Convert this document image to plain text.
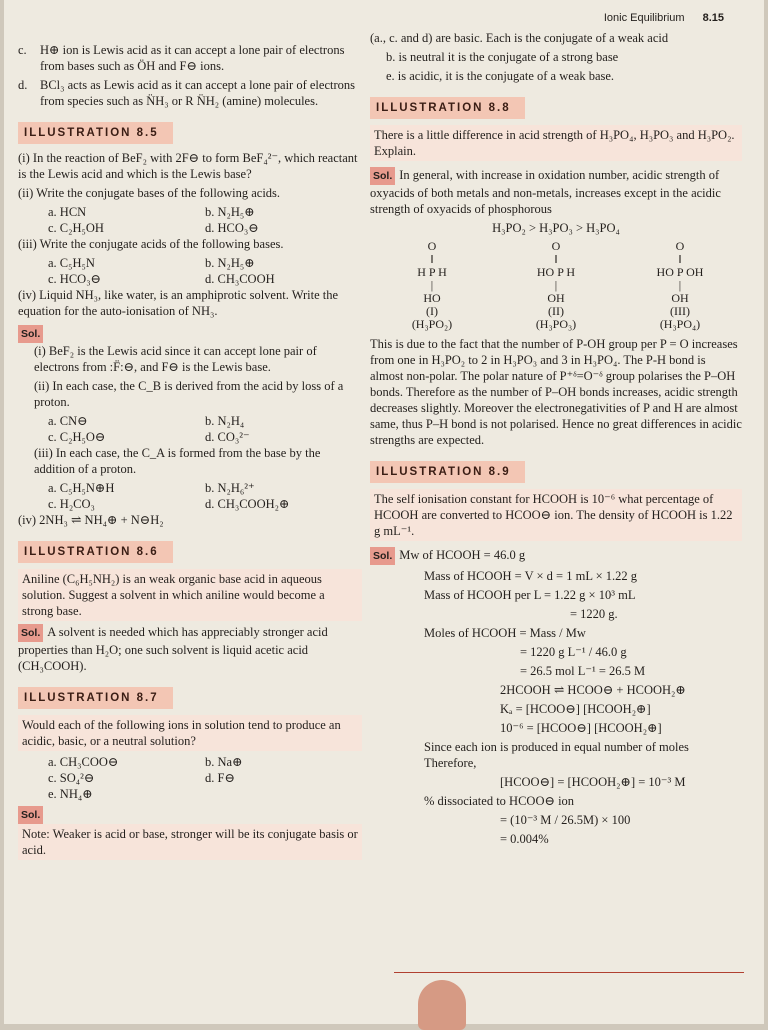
Ionic Equilibrium 8.15
c.	H⊕ ion is Lewis acid as it can accept a lone pair of electrons from bases such as ÖH and F⊖ ions.
d.	BCl₃ acts as Lewis acid as it can accept a lone pair of electrons from species such as N̈H₃ or R N̈H₂ (amine) molecules.
ILLUSTRATION 8.5

(i) In the reaction of BeF₂ with 2F⊖ to form BeF₄²⁻, which reactant is the Lewis acid and which is the Lewis base?

(ii) Write the conjugate bases of the following acids.

a. HCN	b. N₂H₅⊕
c. C₂H₅OH	d. HCO₃⊖

(iii) Write the conjugate acids of the following bases.

a. C₅H₅N	b. N₂H₅⊕
c. HCO₃⊖	d. CH₃COOH

(iv) Liquid NH₃, like water, is an amphiprotic solvent. Write the equation for the auto-ionisation of NH₃.

Sol.

(i) BeF₂ is the Lewis acid since it can accept lone pair of electrons from :F̈:⊖, and F⊖ is the Lewis base.

(ii) In each case, the C_B is derived from the acid by loss of a proton.

a. CN⊖	b. N₂H₄
c. C₂H₅O⊖	d. CO₃²⁻

(iii) In each case, the C_A is formed from the base by the addition of a proton.

a. C₅H₅N⊕H	b. N₂H₆²⁺
c. H₂CO₃	d. CH₃COOH₂⊕

(iv) 2NH₃ ⇌ NH₄⊕ + N⊖H₂

ILLUSTRATION 8.6

Aniline (C₆H₅NH₂) is an weak organic base acid in aqueous solution. Suggest a solvent in which aniline would become a strong base.

Sol. A solvent is needed which has appreciably stronger acid properties than H₂O; one such solvent is liquid acetic acid (CH₃COOH).

ILLUSTRATION 8.7

Would each of the following ions in solution tend to produce an acidic, basic, or a neutral solution?

a. CH₃COO⊖	b. Na⊕
c. SO₄²⊖	d. F⊖
e. NH₄⊕
Sol.

Note: Weaker is acid or base, stronger will be its conjugate basis or acid.

(a., c. and d) are basic. Each is the conjugate of a weak acid

b. is neutral it is the conjugate of a strong base

e. is acidic, it is the conjugate of a weak base.

ILLUSTRATION 8.8

There is a little difference in acid strength of H₃PO₄, H₃PO₃ and H₃PO₂. Explain.

Sol. In general, with increase in oxidation number, acidic strength of oxyacids of both metals and non-metals, increases except in the acidic strength of oxyacids of phosphorous

H₃PO₂ > H₃PO₃ > H₃PO₄

O
‖
H P H
|
HO
(I)
(H₃PO₂)
O
‖
HO P H
|
OH
(II)
(H₃PO₃)
O
‖
HO P OH
|
OH
(III)
(H₃PO₄)

This is due to the fact that the number of P-OH group per P = O increases from one in H₃PO₂ to 2 in H₃PO₃ and 3 in H₃PO₄. The P-H bond is almost non-polar. The polar nature of P⁺ᵟ=O⁻ᵟ group polarises the P–OH bonds. Therefore as the number of P–OH bonds increases, acidic strength decreases slightly. Moreover the electronegativities of P and H are almost same, thus P–H bond is not polarised. Hence no great differences in acidic strengths are expected.

ILLUSTRATION 8.9

The self ionisation constant for HCOOH is 10⁻⁶ what percentage of HCOOH are converted to HCOO⊖ ion. The density of HCOOH is 1.22 g mL⁻¹.

Sol. Mw of HCOOH = 46.0 g

Mass of HCOOH = V × d = 1 mL × 1.22 g

Mass of HCOOH per L = 1.22 g × 10³ mL

= 1220 g.

Moles of HCOOH = Mass / Mw

= 1220 g L⁻¹ / 46.0 g

= 26.5 mol L⁻¹ = 26.5 M

2HCOOH ⇌ HCOO⊖ + HCOOH₂⊕

Kₐ = [HCOO⊖] [HCOOH₂⊕]

10⁻⁶ = [HCOO⊖] [HCOOH₂⊕]

Since each ion is produced in equal number of moles Therefore,

[HCOO⊖] = [HCOOH₂⊕] = 10⁻³ M

% dissociated to HCOO⊖ ion

= (10⁻³ M / 26.5M) × 100

= 0.004%
